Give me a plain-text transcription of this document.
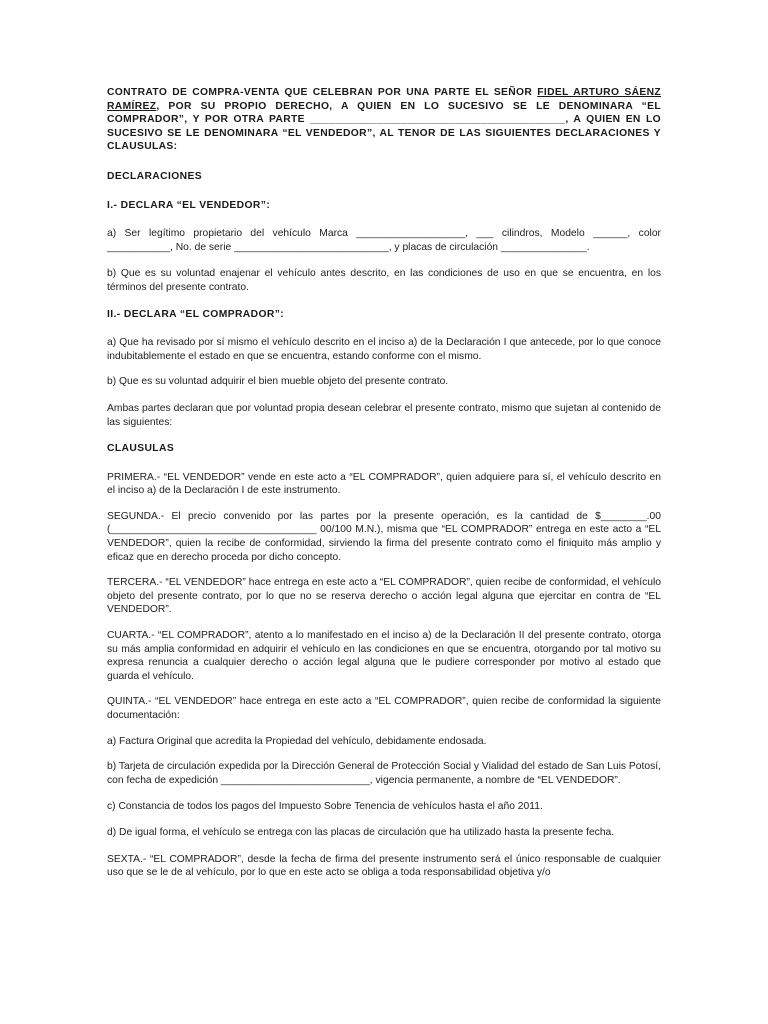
CONTRATO DE COMPRA-VENTA QUE CELEBRAN POR UNA PARTE EL SEÑOR FIDEL ARTURO SÁENZ RAMÍREZ, POR SU PROPIO DERECHO, A QUIEN EN LO SUCESIVO SE LE DENOMINARA “EL COMPRADOR”, Y POR OTRA PARTE __________________________________________, A QUIEN EN LO SUCESIVO SE LE DENOMINARA “EL VENDEDOR”, AL TENOR DE LAS SIGUIENTES DECLARACIONES Y CLAUSULAS:

DECLARACIONES

I.- DECLARA “EL VENDEDOR”:

a) Ser legítimo propietario del vehículo Marca ___________________, ___ cilindros, Modelo ______, color ___________, No. de serie ___________________________, y placas de circulación _______________.

b) Que es su voluntad enajenar el vehículo antes descrito, en las condiciones de uso en que se encuentra, en los términos del presente contrato.

II.- DECLARA “EL COMPRADOR”:

a) Que ha revisado por sí mismo el vehículo descrito en el inciso a) de la Declaración I que antecede, por lo que conoce indubitablemente el estado en que se encuentra, estando conforme con el mismo.

b) Que es su voluntad adquirir el bien mueble objeto del presente contrato.

Ambas partes declaran que por voluntad propia desean celebrar el presente contrato, mismo que sujetan al contenido de las siguientes:

CLAUSULAS

PRIMERA.- “EL VENDEDOR” vende en este acto a “EL COMPRADOR”, quien adquiere para sí, el vehículo descrito en el inciso a) de la Declaración I de este instrumento.

SEGUNDA.- El precio convenido por las partes por la presente operación, es la cantidad de $________.00 (____________________________________ 00/100 M.N.), misma que “EL COMPRADOR” entrega en este acto a “EL VENDEDOR”, quien la recibe de conformidad, sirviendo la firma del presente contrato como el finiquito más amplio y eficaz que en derecho proceda por dicho concepto.

TERCERA.- “EL VENDEDOR” hace entrega en este acto a “EL COMPRADOR”, quien recibe de conformidad, el vehículo objeto del presente contrato, por lo que no se reserva derecho o acción legal alguna que ejercitar en contra de “EL VENDEDOR”.

CUARTA.- “EL COMPRADOR”, atento a lo manifestado en el inciso a) de la Declaración II del presente contrato, otorga su más amplia conformidad en adquirir el vehículo en las condiciones en que se encuentra, otorgando por tal motivo su expresa renuncia a cualquier derecho o acción legal alguna que le pudiere corresponder por motivo al estado que guarda el vehículo.

QUINTA.- “EL VENDEDOR” hace entrega en este acto a “EL COMPRADOR”, quien recibe de conformidad la siguiente documentación:

a) Factura Original que acredita la Propiedad del vehículo, debidamente endosada.

b) Tarjeta de circulación expedida por la Dirección General de Protección Social y Vialidad del estado de San Luis Potosí, con fecha de expedición __________________________, vigencia permanente, a nombre de “EL VENDEDOR”.

c) Constancia de todos los pagos del Impuesto Sobre Tenencia de vehículos hasta el año 2011.

d) De igual forma, el vehículo se entrega con las placas de circulación que ha utilizado hasta la presente fecha.

SEXTA.- “EL COMPRADOR”, desde la fecha de firma del presente instrumento será el único responsable de cualquier uso que se le de al vehículo, por lo que en este acto se obliga a toda responsabilidad objetiva y/o
